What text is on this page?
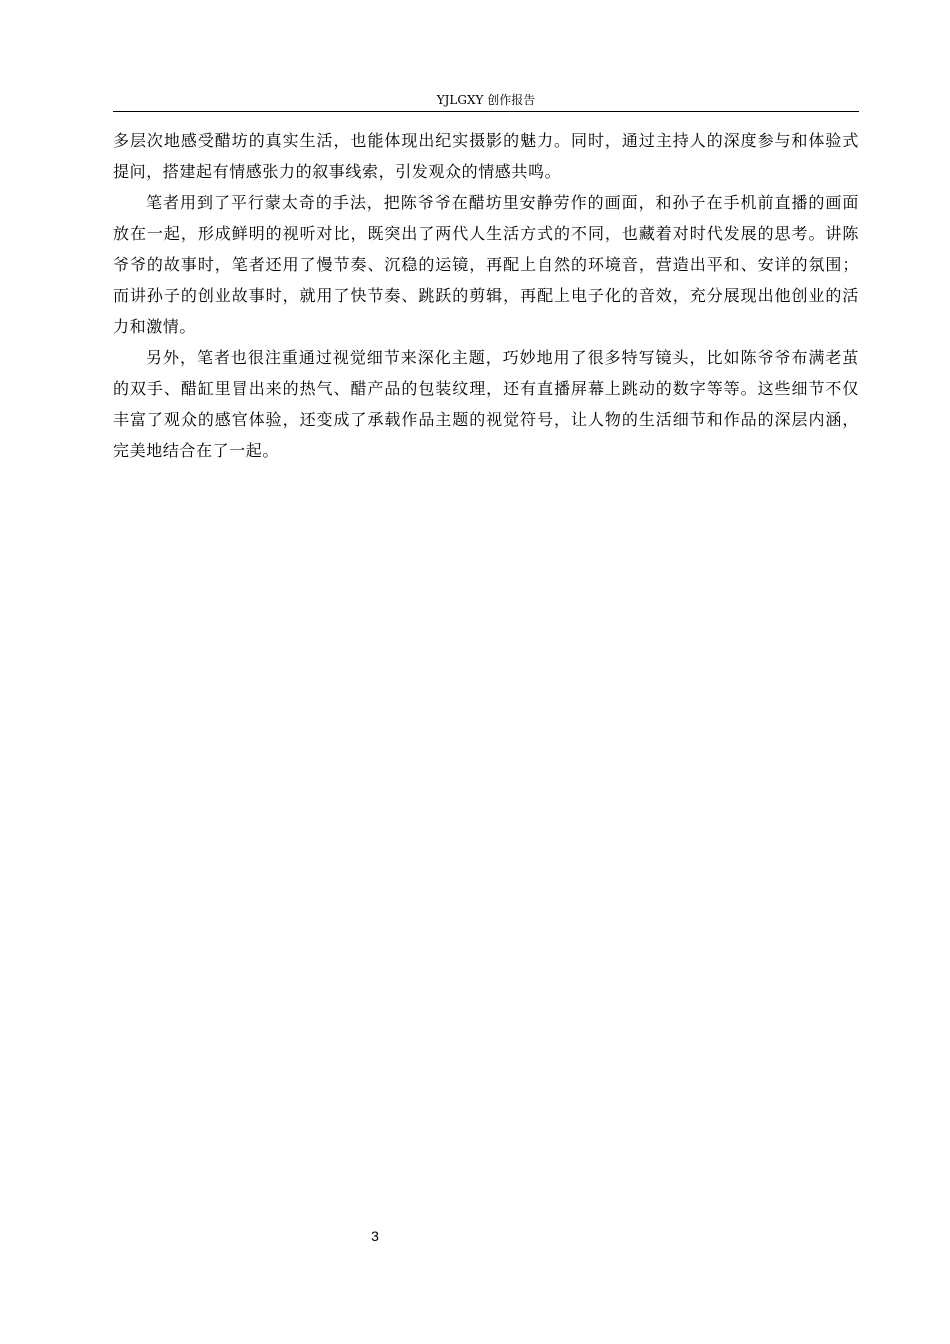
YJLGXY 创作报告

多层次地感受醋坊的真实生活，也能体现出纪实摄影的魅力。同时，通过主持人的深度参与和体验式提问，搭建起有情感张力的叙事线索，引发观众的情感共鸣。

笔者用到了平行蒙太奇的手法，把陈爷爷在醋坊里安静劳作的画面，和孙子在手机前直播的画面放在一起，形成鲜明的视听对比，既突出了两代人生活方式的不同，也藏着对时代发展的思考。讲陈爷爷的故事时，笔者还用了慢节奏、沉稳的运镜，再配上自然的环境音，营造出平和、安详的氛围；而讲孙子的创业故事时，就用了快节奏、跳跃的剪辑，再配上电子化的音效，充分展现出他创业的活力和激情。

另外，笔者也很注重通过视觉细节来深化主题，巧妙地用了很多特写镜头，比如陈爷爷布满老茧的双手、醋缸里冒出来的热气、醋产品的包装纹理，还有直播屏幕上跳动的数字等等。这些细节不仅丰富了观众的感官体验，还变成了承载作品主题的视觉符号，让人物的生活细节和作品的深层内涵，完美地结合在了一起。

3
